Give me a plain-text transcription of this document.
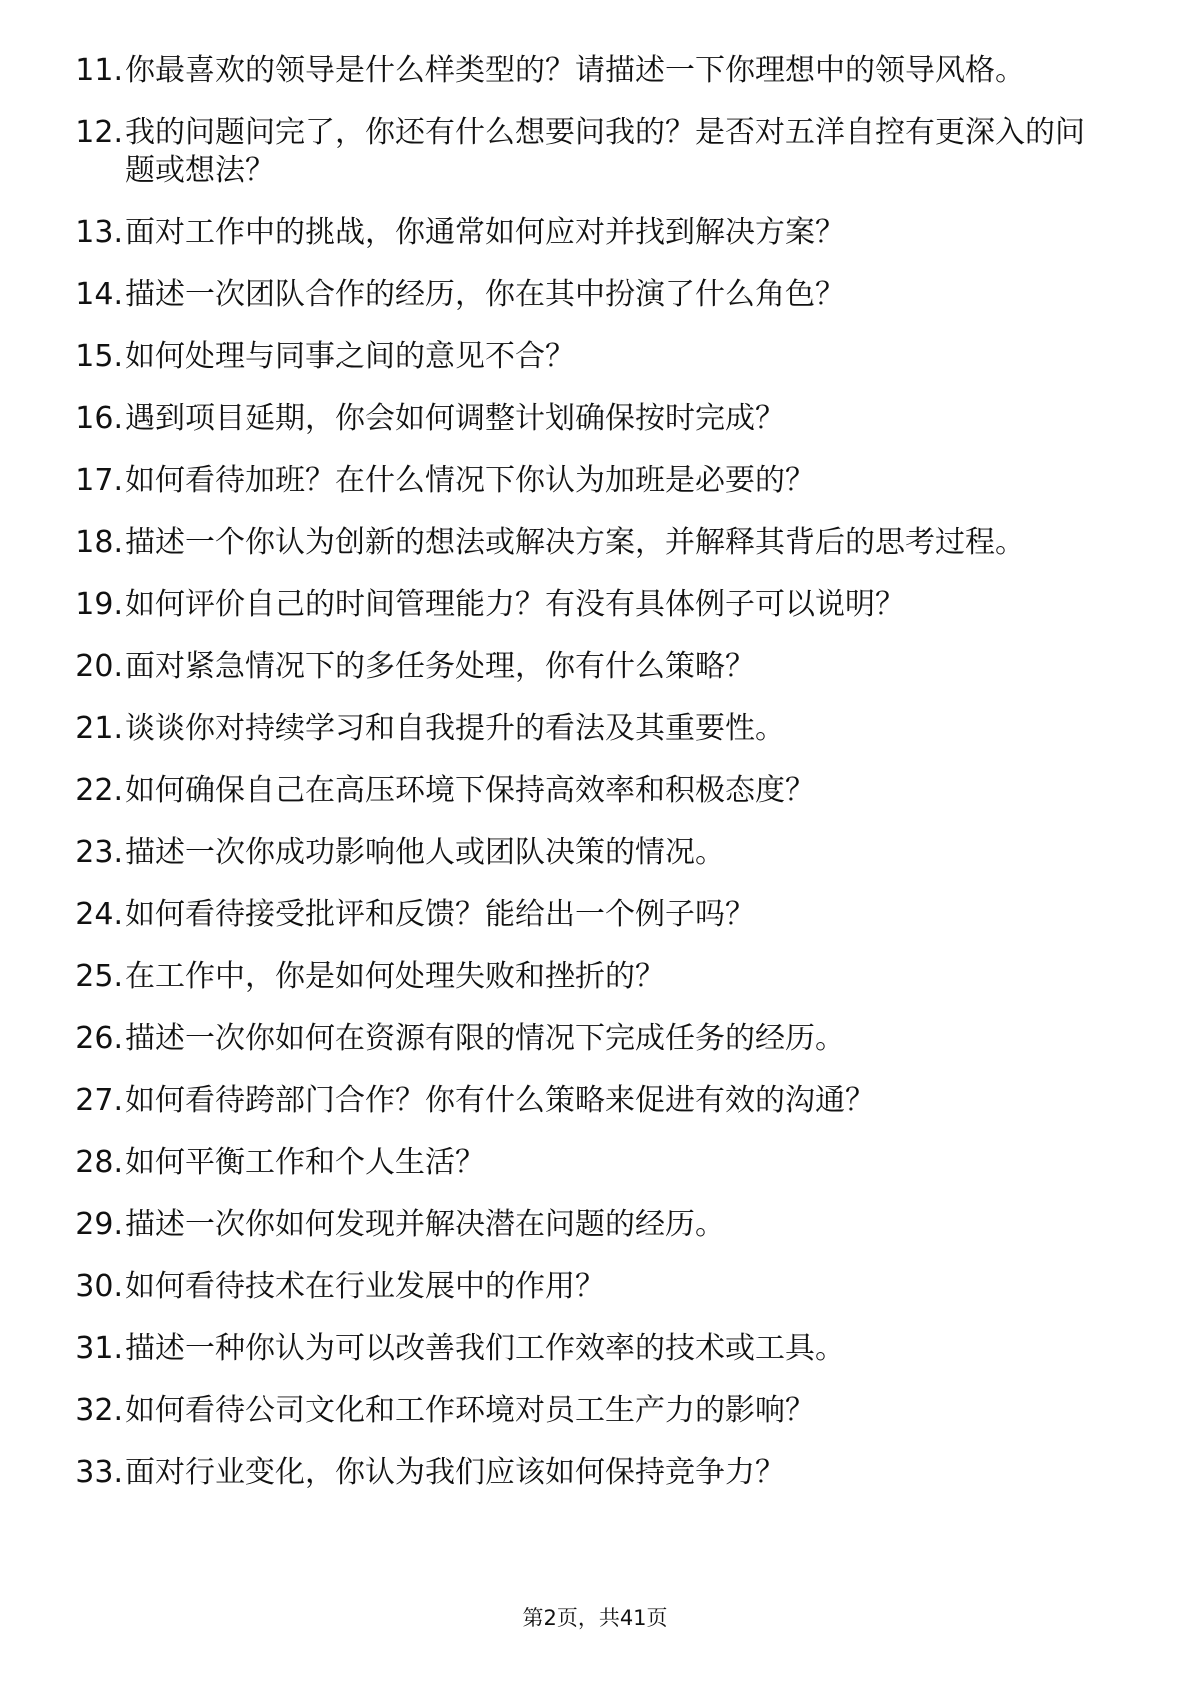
11. 你最喜欢的领导是什么样类型的？请描述一下你理想中的领导风格。
12. 我的问题问完了，你还有什么想要问我的？是否对五洋自控有更深入的问题或想法？
13. 面对工作中的挑战，你通常如何应对并找到解决方案？
14. 描述一次团队合作的经历，你在其中扮演了什么角色？
15. 如何处理与同事之间的意见不合？
16. 遇到项目延期，你会如何调整计划确保按时完成？
17. 如何看待加班？在什么情况下你认为加班是必要的？
18. 描述一个你认为创新的想法或解决方案，并解释其背后的思考过程。
19. 如何评价自己的时间管理能力？有没有具体例子可以说明？
20. 面对紧急情况下的多任务处理，你有什么策略？
21. 谈谈你对持续学习和自我提升的看法及其重要性。
22. 如何确保自己在高压环境下保持高效率和积极态度？
23. 描述一次你成功影响他人或团队决策的情况。
24. 如何看待接受批评和反馈？能给出一个例子吗？
25. 在工作中，你是如何处理失败和挫折的？
26. 描述一次你如何在资源有限的情况下完成任务的经历。
27. 如何看待跨部门合作？你有什么策略来促进有效的沟通？
28. 如何平衡工作和个人生活？
29. 描述一次你如何发现并解决潜在问题的经历。
30. 如何看待技术在行业发展中的作用？
31. 描述一种你认为可以改善我们工作效率的技术或工具。
32. 如何看待公司文化和工作环境对员工生产力的影响？
33. 面对行业变化，你认为我们应该如何保持竞争力？
第2页，共41页
